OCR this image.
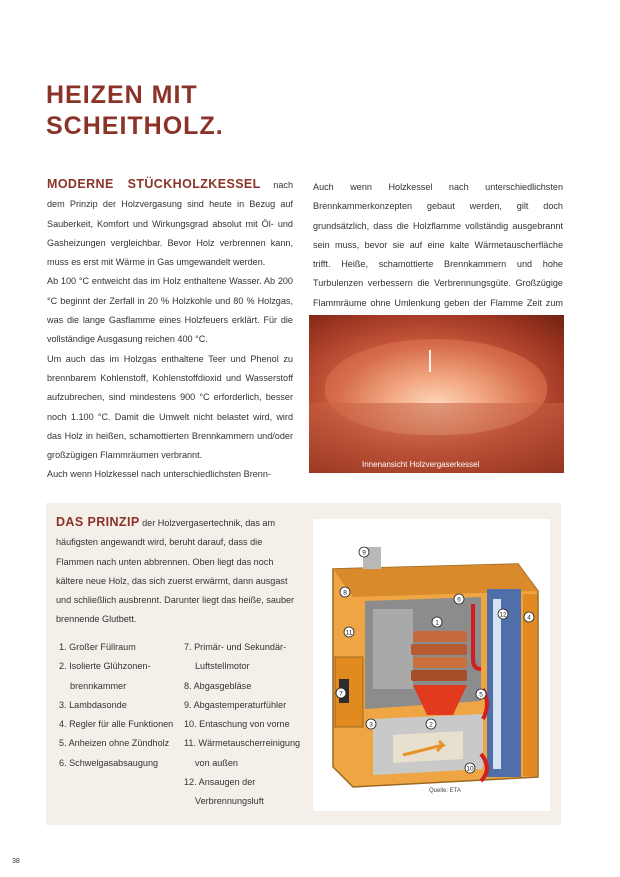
HEIZEN MIT
SCHEITHOLZ.

MODERNE STÜCKHOLZKESSEL nach dem Prinzip der Holzvergasung sind heute in Bezug auf Sauberkeit, Komfort und Wirkungsgrad absolut mit Öl- und Gasheizungen vergleichbar. Bevor Holz verbrennen kann, muss es erst mit Wärme in Gas umgewandelt werden.

Ab 100 °C entweicht das im Holz enthaltene Wasser. Ab 200 °C beginnt der Zerfall in 20 % Holzkohle und 80 % Holzgas, was die lange Gasflamme eines Holzfeuers erklärt. Für die vollständige Ausgasung reichen 400 °C.

Um auch das im Holzgas enthaltene Teer und Phenol zu brennbarem Kohlenstoff, Kohlenstoffdioxid und Wasserstoff aufzubrechen, sind mindestens 900 °C erforderlich, besser noch 1.100 °C. Damit die Umwelt nicht belastet wird, wird das Holz in heißen, schamottierten Brennkammern und/oder großzügigen Flammräumen verbrannt.

Auch wenn Holzkessel nach unterschiedlichsten Brenn-

Auch wenn Holzkessel nach unterschiedlichsten Brennkammerkonzepten gebaut werden, gilt doch grundsätzlich, dass die Holzflamme vollständig ausgebrannt sein muss, bevor sie auf eine kalte Wärmetauscherfläche trifft. Heiße, schamottierte Brennkammern und hohe Turbulenzen verbessern die Verbrennungsgüte. Großzügige Flammräume ohne Umlenkung geben der Flamme Zeit zum

Innenansicht Holzvergaserkessel

DAS PRINZIP der Holzvergasertechnik, das am häufigsten angewandt wird, beruht darauf, dass die Flammen nach unten abbrennen. Oben liegt das noch kältere neue Holz, das sich zuerst erwärmt, dann ausgast und schließlich ausbrennt. Darunter liegt das heiße, sauber brennende Glutbett.

1. Großer Füllraum
2. Isolierte Glühzonen-brennkammer
3. Lambdasonde
4. Regler für alle Funktionen
5. Anheizen ohne Zündholz
6. Schwelgasabsaugung
7. Primär- und Sekundär-Luftstellmotor
8. Abgasgebläse
9. Abgastemperaturfühler
10. Entaschung von vorne
11. Wärmetauscherreinigung von außen
12. Ansaugen der Verbrennungsluft
9
8
6
12	4
1
11
5
7
3	2
10
Quelle: ETA
38
